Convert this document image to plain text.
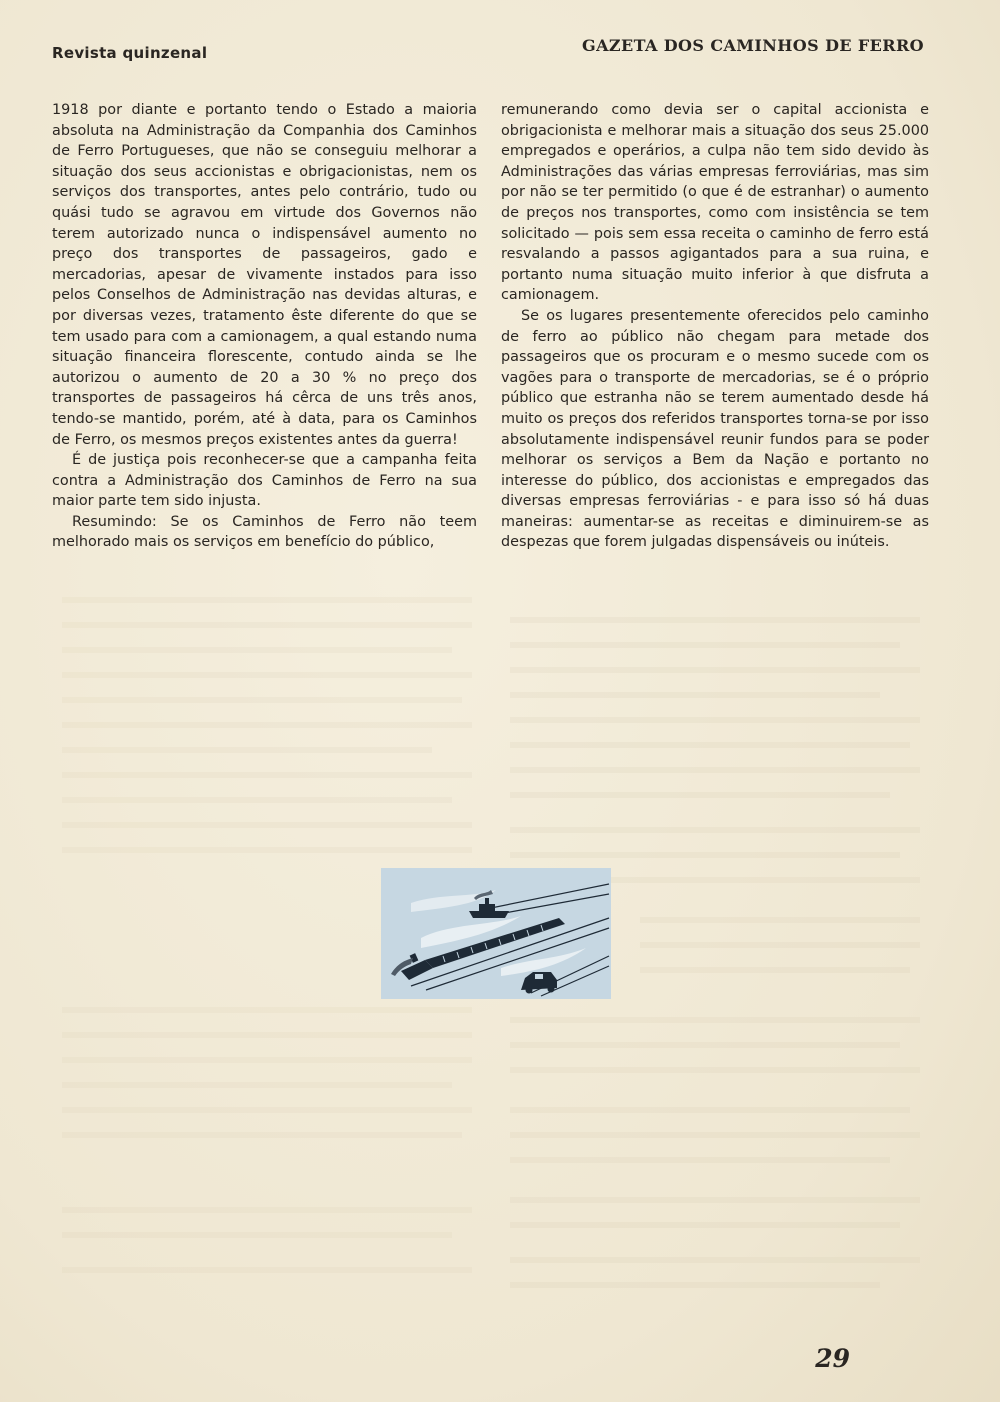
Revista quinzenal	GAZETA DOS CAMINHOS DE FERRO

1918 por diante e portanto tendo o Estado a maioria absoluta na Administração da Companhia dos Caminhos de Ferro Portugueses, que não se conseguiu melhorar a situação dos seus accionistas e obrigacionistas, nem os serviços dos transportes, antes pelo contrário, tudo ou quási tudo se agravou em virtude dos Governos não terem autorizado nunca o indispensável aumento no preço dos transportes de passageiros, gado e mercadorias, apesar de vivamente instados para isso pelos Conselhos de Administração nas devidas alturas, e por diversas vezes, tratamento êste diferente do que se tem usado para com a camionagem, a qual estando numa situação financeira florescente, contudo ainda se lhe autorizou o aumento de 20 a 30 % no preço dos transportes de passageiros há cêrca de uns três anos, tendo-se mantido, porém, até à data, para os Caminhos de Ferro, os mesmos preços existentes antes da guerra!

É de justiça pois reconhecer-se que a campanha feita contra a Administração dos Caminhos de Ferro na sua maior parte tem sido injusta.

Resumindo: Se os Caminhos de Ferro não teem melhorado mais os serviços em benefício do público,

remunerando como devia ser o capital accionista e obrigacionista e melhorar mais a situação dos seus 25.000 empregados e operários, a culpa não tem sido devido às Administrações das várias empresas ferroviárias, mas sim por não se ter permitido (o que é de estranhar) o aumento de preços nos transportes, como com insistência se tem solicitado — pois sem essa receita o caminho de ferro está resvalando a passos agigantados para a sua ruina, e portanto numa situação muito inferior à que disfruta a camionagem.

Se os lugares presentemente oferecidos pelo caminho de ferro ao público não chegam para metade dos passageiros que os procuram e o mesmo sucede com os vagões para o transporte de mercadorias, se é o próprio público que estranha não se terem aumentado desde há muito os preços dos referidos transportes torna-se por isso absolutamente indispensável reunir fundos para se poder melhorar os serviços a Bem da Nação e portanto no interesse do público, dos accionistas e empregados das diversas empresas ferroviárias - e para isso só há duas maneiras: aumentar-se as receitas e diminuirem-se as despezas que forem julgadas dispensáveis ou inúteis.

29
